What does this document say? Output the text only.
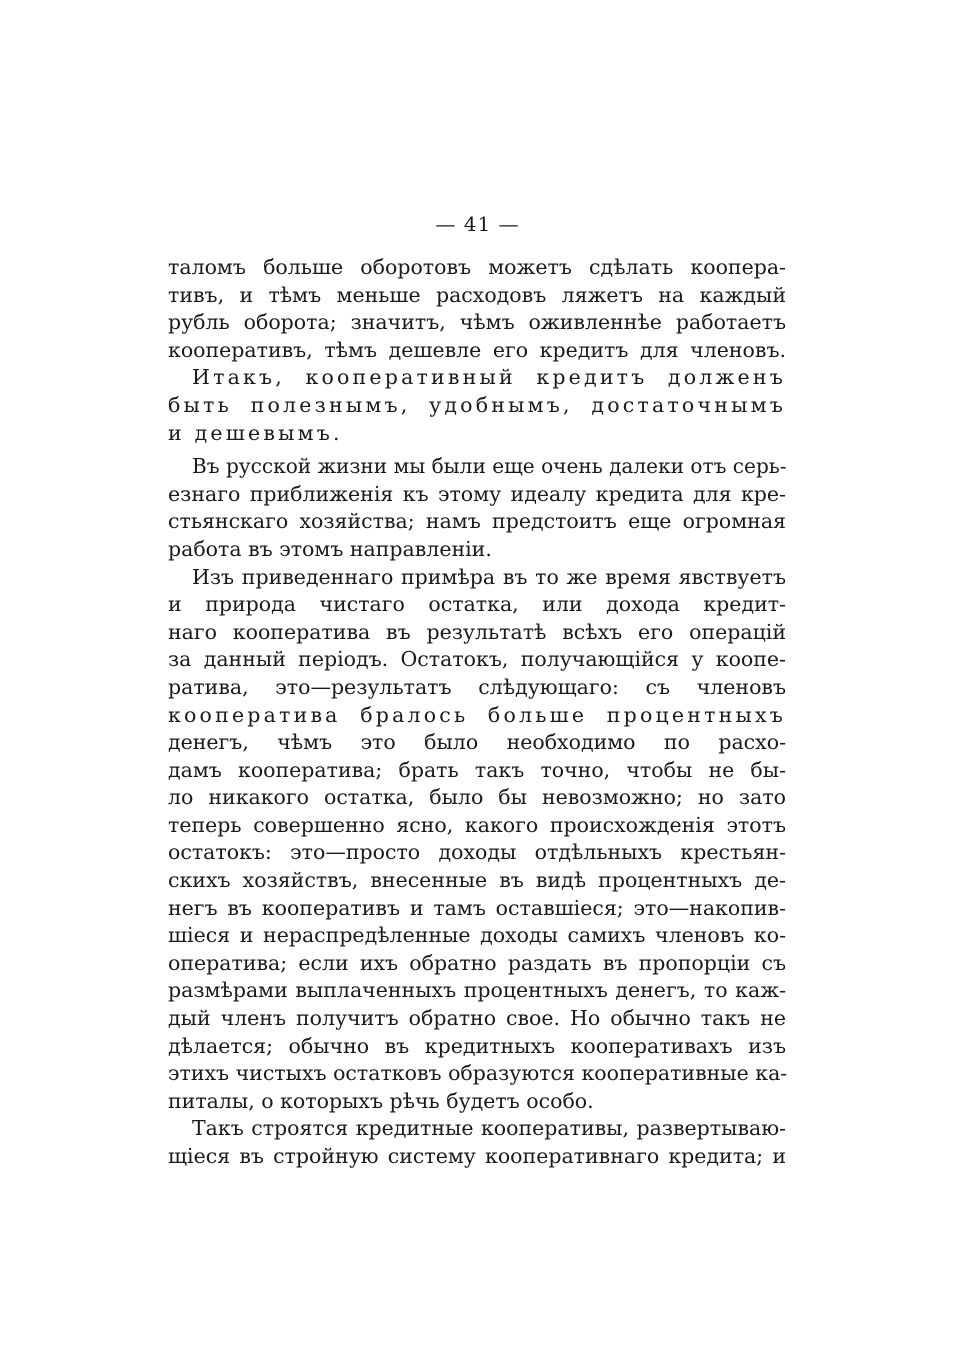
— 41 —
таломъ больше оборотовъ можетъ сдѣлать коопера-
тивъ, и тѣмъ меньше расходовъ ляжетъ на каждый
рубль оборота; значитъ, чѣмъ оживленнѣе работаетъ
кооперативъ, тѣмъ дешевле его кредитъ для членовъ.
Итакъ, кооперативный кредитъ долженъ
быть полезнымъ, удобнымъ, достаточнымъ
и дешевымъ.
Въ русской жизни мы были еще очень далеки отъ серь-
езнаго приближенія къ этому идеалу кредита для кре-
стьянскаго хозяйства; намъ предстоитъ еще огромная
работа въ этомъ направленіи.
Изъ приведеннаго примѣра въ то же время явствуетъ
и природа чистаго остатка, или дохода кредит-
наго кооператива въ результатѣ всѣхъ его операцій
за данный періодъ. Остатокъ, получающійся у коопе-
ратива, это—результатъ слѣдующаго: съ членовъ
кооператива бралось больше процентныхъ
денегъ, чѣмъ это было необходимо по расхо-
дамъ кооператива; брать такъ точно, чтобы не бы-
ло никакого остатка, было бы невозможно; но зато
теперь совершенно ясно, какого происхожденія этотъ
остатокъ: это—просто доходы отдѣльныхъ крестьян-
скихъ хозяйствъ, внесенные въ видѣ процентныхъ де-
негъ въ кооперативъ и тамъ оставшіеся; это—накопив-
шіеся и нераспредѣленные доходы самихъ членовъ ко-
оператива; если ихъ обратно раздать въ пропорціи съ
размѣрами выплаченныхъ процентныхъ денегъ, то каж-
дый членъ получитъ обратно свое. Но обычно такъ не
дѣлается; обычно въ кредитныхъ кооперативахъ изъ
этихъ чистыхъ остатковъ образуются кооперативные ка-
питалы, о которыхъ рѣчь будетъ особо.
Такъ строятся кредитные кооперативы, развертываю-
щіеся въ стройную систему кооперативнаго кредита; и
